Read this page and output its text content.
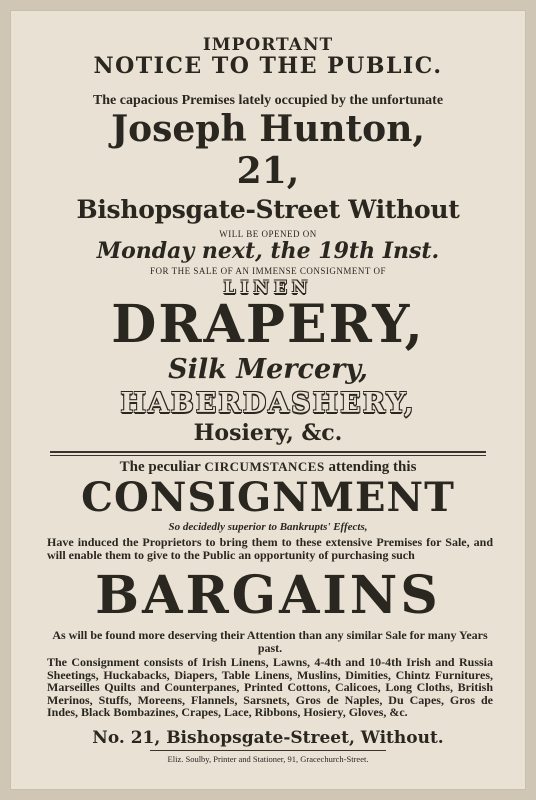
IMPORTANT
NOTICE TO THE PUBLIC.
The capacious Premises lately occupied by the unfortunate
Joseph Hunton,
21,
Bishopsgate-Street Without
WILL BE OPENED ON
Monday next, the 19th Inst.
FOR THE SALE OF AN IMMENSE CONSIGNMENT OF
LINEN
DRAPERY,
Silk Mercery,
HABERDASHERY,
Hosiery, &c.
The peculiar CIRCUMSTANCES attending this
CONSIGNMENT
So decidedly superior to Bankrupts' Effects,
Have induced the Proprietors to bring them to these extensive Premises for Sale, and will enable them to give to the Public an opportunity of purchasing such
BARGAINS
As will be found more deserving their Attention than any similar Sale for many Years past.
The Consignment consists of Irish Linens, Lawns, 4-4th and 10-4th Irish and Russia Sheetings, Huckabacks, Diapers, Table Linens, Muslins, Dimities, Chintz Furnitures, Marseilles Quilts and Counterpanes, Printed Cottons, Calicoes, Long Cloths, British Merinos, Stuffs, Moreens, Flannels, Sarsnets, Gros de Naples, Du Capes, Gros de Indes, Black Bombazines, Crapes, Lace, Ribbons, Hosiery, Gloves, &c.
No. 21, Bishopsgate-Street, Without.
Eliz. Soulby, Printer and Stationer, 91, Gracechurch-Street.
